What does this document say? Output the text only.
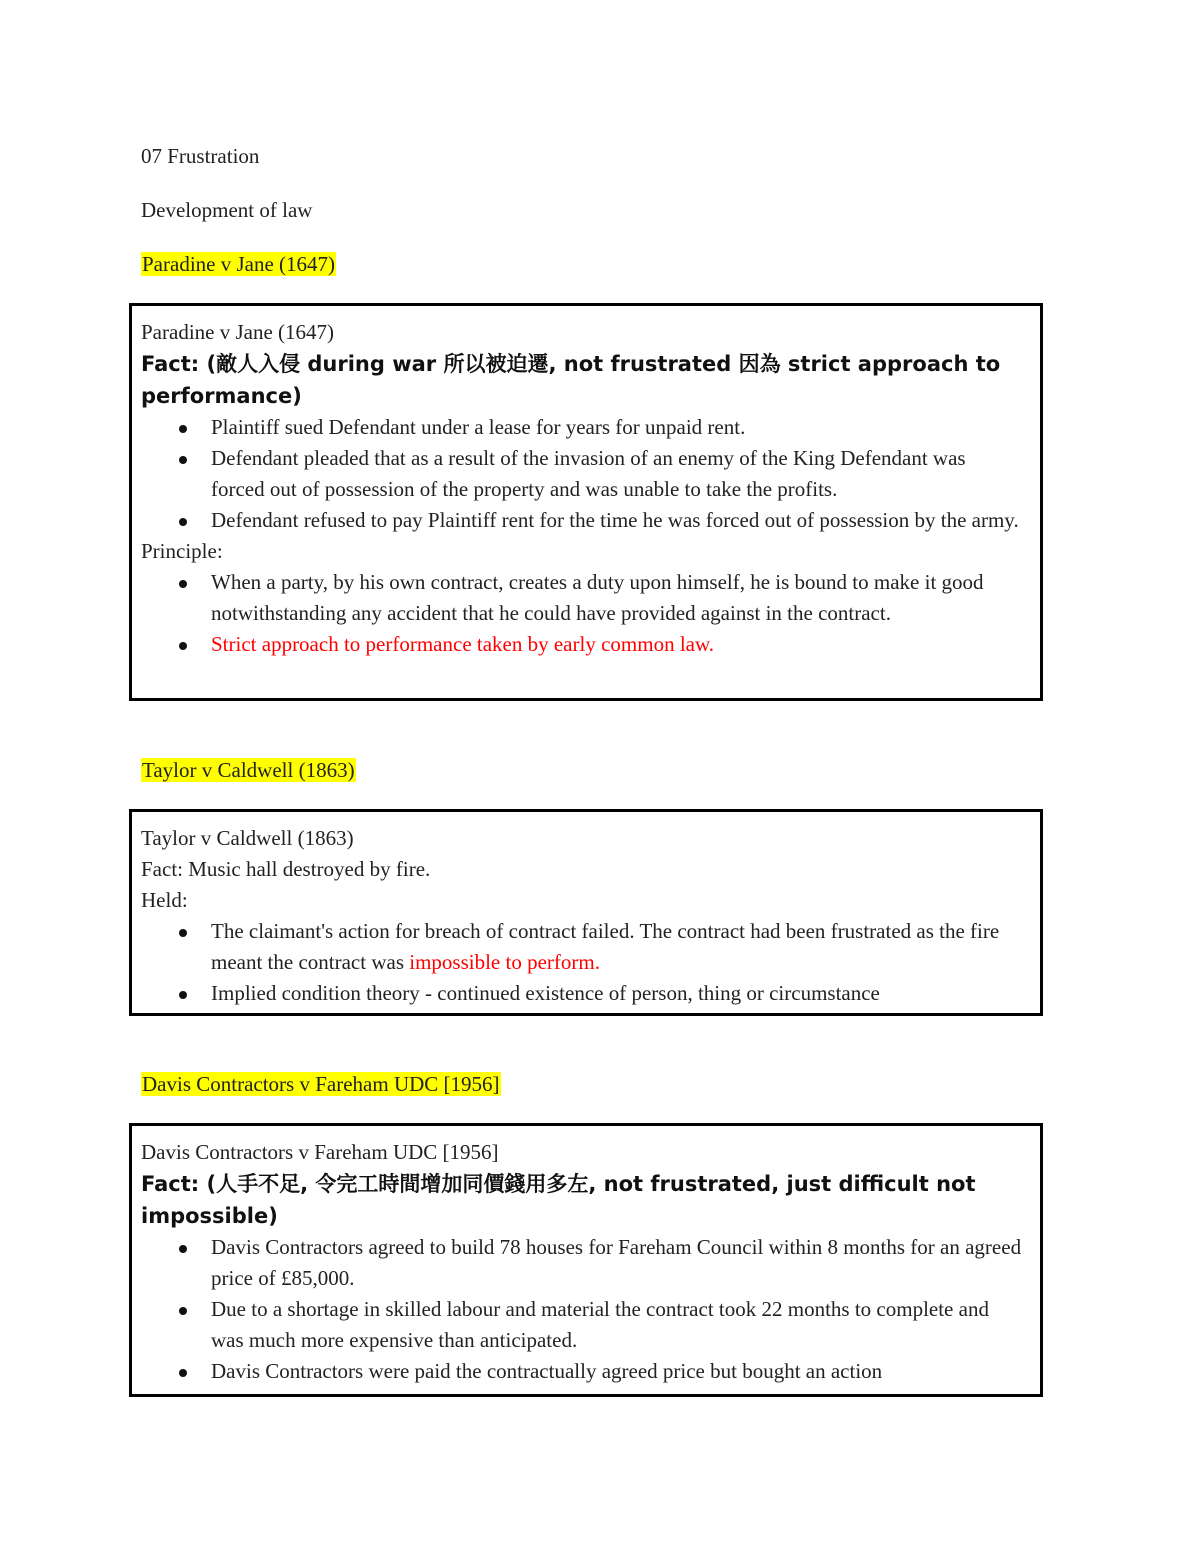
07 Frustration

Development of law

Paradine v Jane (1647)

Paradine v Jane (1647)

Fact: (敵人入侵 during war 所以被迫遷, not frustrated 因為 strict approach to performance)

Plaintiff sued Defendant under a lease for years for unpaid rent.
Defendant pleaded that as a result of the invasion of an enemy of the King Defendant was forced out of possession of the property and was unable to take the profits.
Defendant refused to pay Plaintiff rent for the time he was forced out of possession by the army.

Principle:

When a party, by his own contract, creates a duty upon himself, he is bound to make it good notwithstanding any accident that he could have provided against in the contract.
Strict approach to performance taken by early common law.

Taylor v Caldwell (1863)

Taylor v Caldwell (1863)

Fact: Music hall destroyed by fire.

Held:

The claimant's action for breach of contract failed. The contract had been frustrated as the fire meant the contract was impossible to perform.
Implied condition theory - continued existence of person, thing or circumstance

Davis Contractors v Fareham UDC [1956]

Davis Contractors v Fareham UDC [1956]

Fact: (人手不足, 令完工時間增加同價錢用多左, not frustrated, just difficult not impossible)

Davis Contractors agreed to build 78 houses for Fareham Council within 8 months for an agreed price of £85,000.
Due to a shortage in skilled labour and material the contract took 22 months to complete and was much more expensive than anticipated.
Davis Contractors were paid the contractually agreed price but bought an action
